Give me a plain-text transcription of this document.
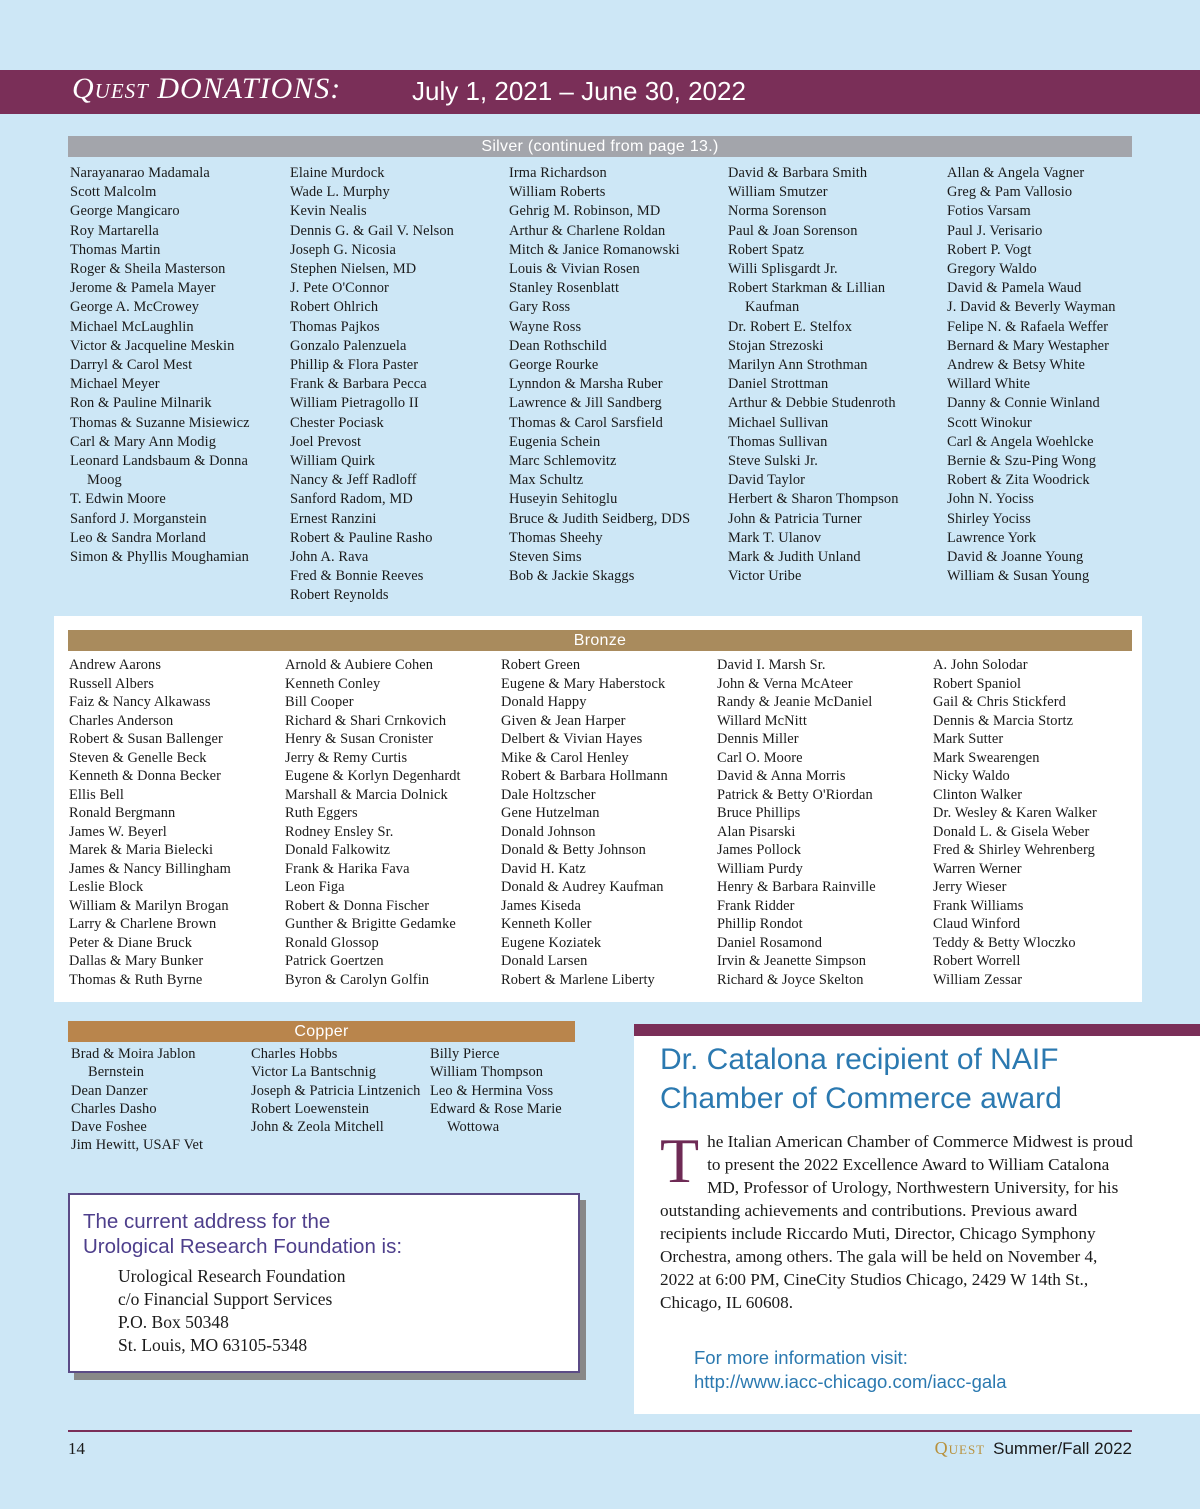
Quest DONATIONS:	July 1, 2021 – June 30, 2022
Silver (continued from page 13.)
Narayanarao Madamala
Scott Malcolm
George Mangicaro
Roy Martarella
Thomas Martin
Roger & Sheila Masterson
Jerome & Pamela Mayer
George A. McCrowey
Michael McLaughlin
Victor & Jacqueline Meskin
Darryl & Carol Mest
Michael Meyer
Ron & Pauline Milnarik
Thomas & Suzanne Misiewicz
Carl & Mary Ann Modig
Leonard Landsbaum & Donna Moog
T. Edwin Moore
Sanford J. Morganstein
Leo & Sandra Morland
Simon & Phyllis Moughamian
Elaine Murdock
Wade L. Murphy
Kevin Nealis
Dennis G. & Gail V. Nelson
Joseph G. Nicosia
Stephen Nielsen, MD
J. Pete O'Connor
Robert Ohlrich
Thomas Pajkos
Gonzalo Palenzuela
Phillip & Flora Paster
Frank & Barbara Pecca
William Pietragollo II
Chester Pociask
Joel Prevost
William Quirk
Nancy & Jeff Radloff
Sanford Radom, MD
Ernest Ranzini
Robert & Pauline Rasho
John A. Rava
Fred & Bonnie Reeves
Robert Reynolds
Irma Richardson
William Roberts
Gehrig M. Robinson, MD
Arthur & Charlene Roldan
Mitch & Janice Romanowski
Louis & Vivian Rosen
Stanley Rosenblatt
Gary Ross
Wayne Ross
Dean Rothschild
George Rourke
Lynndon & Marsha Ruber
Lawrence & Jill Sandberg
Thomas & Carol Sarsfield
Eugenia Schein
Marc Schlemovitz
Max Schultz
Huseyin Sehitoglu
Bruce & Judith Seidberg, DDS
Thomas Sheehy
Steven Sims
Bob & Jackie Skaggs
David & Barbara Smith
William Smutzer
Norma Sorenson
Paul & Joan Sorenson
Robert Spatz
Willi Splisgardt Jr.
Robert Starkman & Lillian Kaufman
Dr. Robert E. Stelfox
Stojan Strezoski
Marilyn Ann Strothman
Daniel Strottman
Arthur & Debbie Studenroth
Michael Sullivan
Thomas Sullivan
Steve Sulski Jr.
David Taylor
Herbert & Sharon Thompson
John & Patricia Turner
Mark T. Ulanov
Mark & Judith Unland
Victor Uribe
Allan & Angela Vagner
Greg & Pam Vallosio
Fotios Varsam
Paul J. Verisario
Robert P. Vogt
Gregory Waldo
David & Pamela Waud
J. David & Beverly Wayman
Felipe N. & Rafaela Weffer
Bernard & Mary Westapher
Andrew & Betsy White
Willard White
Danny & Connie Winland
Scott Winokur
Carl & Angela Woehlcke
Bernie & Szu-Ping Wong
Robert & Zita Woodrick
John N. Yociss
Shirley Yociss
Lawrence York
David & Joanne Young
William & Susan Young
Bronze
Andrew Aarons
Russell Albers
Faiz & Nancy Alkawass
Charles Anderson
Robert & Susan Ballenger
Steven & Genelle Beck
Kenneth & Donna Becker
Ellis Bell
Ronald Bergmann
James W. Beyerl
Marek & Maria Bielecki
James & Nancy Billingham
Leslie Block
William & Marilyn Brogan
Larry & Charlene Brown
Peter & Diane Bruck
Dallas & Mary Bunker
Thomas & Ruth Byrne
Arnold & Aubiere Cohen
Kenneth Conley
Bill Cooper
Richard & Shari Crnkovich
Henry & Susan Cronister
Jerry & Remy Curtis
Eugene & Korlyn Degenhardt
Marshall & Marcia Dolnick
Ruth Eggers
Rodney Ensley Sr.
Donald Falkowitz
Frank & Harika Fava
Leon Figa
Robert & Donna Fischer
Gunther & Brigitte Gedamke
Ronald Glossop
Patrick Goertzen
Byron & Carolyn Golfin
Robert Green
Eugene & Mary Haberstock
Donald Happy
Given & Jean Harper
Delbert & Vivian Hayes
Mike & Carol Henley
Robert & Barbara Hollmann
Dale Holtzscher
Gene Hutzelman
Donald Johnson
Donald & Betty Johnson
David H. Katz
Donald & Audrey Kaufman
James Kiseda
Kenneth Koller
Eugene Koziatek
Donald Larsen
Robert & Marlene Liberty
David I. Marsh Sr.
John & Verna McAteer
Randy & Jeanie McDaniel
Willard McNitt
Dennis Miller
Carl O. Moore
David & Anna Morris
Patrick & Betty O'Riordan
Bruce Phillips
Alan Pisarski
James Pollock
William Purdy
Henry & Barbara Rainville
Frank Ridder
Phillip Rondot
Daniel Rosamond
Irvin & Jeanette Simpson
Richard & Joyce Skelton
A. John Solodar
Robert Spaniol
Gail & Chris Stickferd
Dennis & Marcia Stortz
Mark Sutter
Mark Swearengen
Nicky Waldo
Clinton Walker
Dr. Wesley & Karen Walker
Donald L. & Gisela Weber
Fred & Shirley Wehrenberg
Warren Werner
Jerry Wieser
Frank Williams
Claud Winford
Teddy & Betty Wloczko
Robert Worrell
William Zessar
Copper
Brad & Moira Jablon Bernstein
Dean Danzer
Charles Dasho
Dave Foshee
Jim Hewitt, USAF Vet
Charles Hobbs
Victor La Bantschnig
Joseph & Patricia Lintzenich
Robert Loewenstein
John & Zeola Mitchell
Billy Pierce
William Thompson
Leo & Hermina Voss
Edward & Rose Marie Wottowa
The current address for the
Urological Research Foundation is:
Urological Research Foundation
c/o Financial Support Services
P.O. Box 50348
St. Louis, MO 63105-5348
Dr. Catalona recipient of NAIF Chamber of Commerce award
The Italian American Chamber of Commerce Midwest is proud to present the 2022 Excellence Award to William Catalona MD, Professor of Urology, Northwestern University, for his outstanding achievements and contributions. Previous award recipients include Riccardo Muti, Director, Chicago Symphony Orchestra, among others. The gala will be held on November 4, 2022 at 6:00 PM, CineCity Studios Chicago, 2429 W 14th St., Chicago, IL 60608.
For more information visit:
http://www.iacc-chicago.com/iacc-gala
14	Quest Summer/Fall 2022
